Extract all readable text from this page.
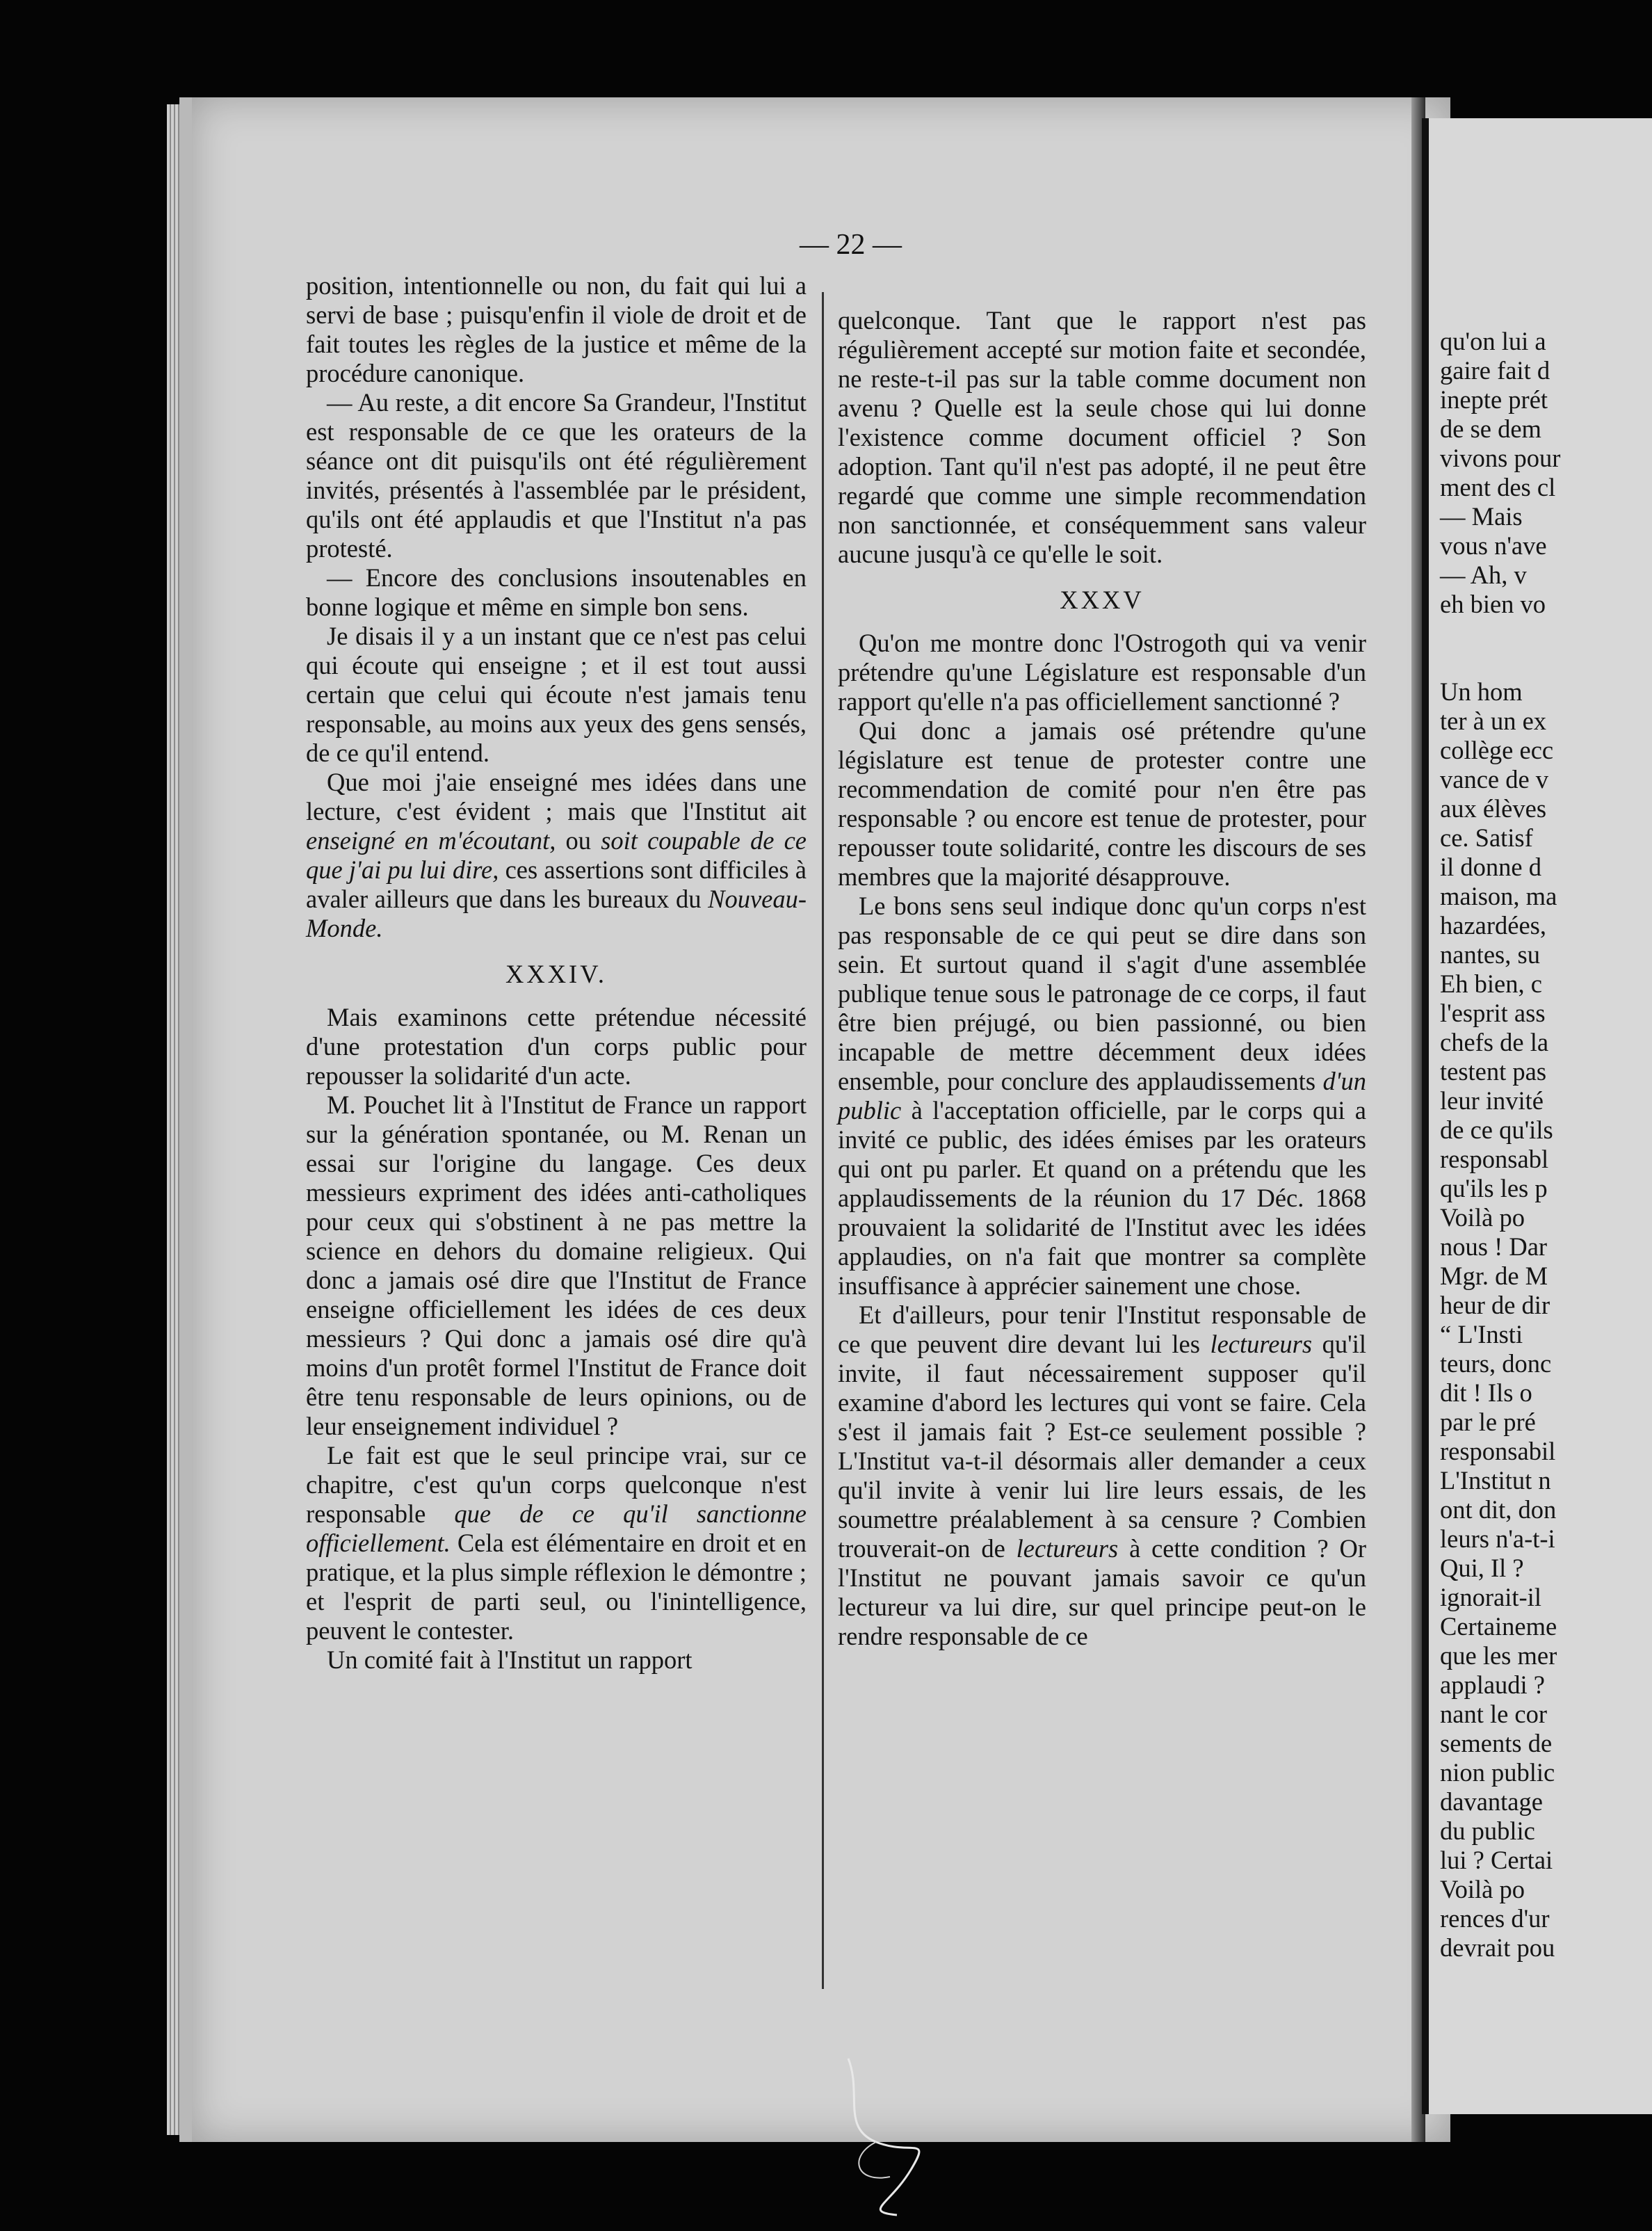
qu'on lui a

gaire fait d

inepte prét

de se dem

vivons pour

ment des cl

— Mais

vous n'ave

— Ah, v

eh bien vo

Un hom

ter à un ex

collège ecc

vance de v

aux élèves

ce. Satisf

il donne d

maison, ma

hazardées,

nantes, su

Eh bien, c

l'esprit ass

chefs de la

testent pas

leur invité

de ce qu'ils

responsabl

qu'ils les p

Voilà po

nous ! Dar

Mgr. de M

heur de dir

“ L'Insti

teurs, donc

dit ! Ils o

par le pré

responsabil

L'Institut n

ont dit, don

leurs n'a-t-i

Qui, Il ?

ignorait-il

Certaineme

que les mer

applaudi ?

nant le cor

sements de

nion public

davantage

du public

lui ? Certai

Voilà po

rences d'ur

devrait pou

— 22 —

position, intentionnelle ou non, du fait qui lui a servi de base ; puisqu'enfin il viole de droit et de fait toutes les règles de la justice et même de la procédure canonique.

— Au reste, a dit encore Sa Grandeur, l'Institut est responsable de ce que les orateurs de la séance ont dit puisqu'ils ont été régulièrement invités, présentés à l'assemblée par le président, qu'ils ont été applaudis et que l'Institut n'a pas protesté.

— Encore des conclusions insoutenables en bonne logique et même en simple bon sens.

Je disais il y a un instant que ce n'est pas celui qui écoute qui enseigne ; et il est tout aussi certain que celui qui écoute n'est jamais tenu responsable, au moins aux yeux des gens sensés, de ce qu'il entend.

Que moi j'aie enseigné mes idées dans une lecture, c'est évident ; mais que l'Institut ait enseigné en m'écoutant, ou soit coupable de ce que j'ai pu lui dire, ces assertions sont difficiles à avaler ailleurs que dans les bureaux du Nouveau-Monde.

XXXIV.

Mais examinons cette prétendue nécessité d'une protestation d'un corps public pour repousser la solidarité d'un acte.

M. Pouchet lit à l'Institut de France un rapport sur la génération spontanée, ou M. Renan un essai sur l'origine du langage. Ces deux messieurs expriment des idées anti-catholiques pour ceux qui s'obstinent à ne pas mettre la science en dehors du domaine religieux. Qui donc a jamais osé dire que l'Institut de France enseigne officiellement les idées de ces deux messieurs ? Qui donc a jamais osé dire qu'à moins d'un protêt formel l'Institut de France doit être tenu responsable de leurs opinions, ou de leur enseignement individuel ?

Le fait est que le seul principe vrai, sur ce chapitre, c'est qu'un corps quelconque n'est responsable que de ce qu'il sanctionne officiellement. Cela est élémentaire en droit et en pratique, et la plus simple réflexion le démontre ; et l'esprit de parti seul, ou l'inintelligence, peuvent le contester.

Un comité fait à l'Institut un rapport

quelconque. Tant que le rapport n'est pas régulièrement accepté sur motion faite et secondée, ne reste-t-il pas sur la table comme document non avenu ? Quelle est la seule chose qui lui donne l'existence comme document officiel ? Son adoption. Tant qu'il n'est pas adopté, il ne peut être regardé que comme une simple recommendation non sanctionnée, et conséquemment sans valeur aucune jusqu'à ce qu'elle le soit.

XXXV

Qu'on me montre donc l'Ostrogoth qui va venir prétendre qu'une Législature est responsable d'un rapport qu'elle n'a pas officiellement sanctionné ?

Qui donc a jamais osé prétendre qu'une législature est tenue de protester contre une recommendation de comité pour n'en être pas responsable ? ou encore est tenue de protester, pour repousser toute solidarité, contre les discours de ses membres que la majorité désapprouve.

Le bons sens seul indique donc qu'un corps n'est pas responsable de ce qui peut se dire dans son sein. Et surtout quand il s'agit d'une assemblée publique tenue sous le patronage de ce corps, il faut être bien préjugé, ou bien passionné, ou bien incapable de mettre décemment deux idées ensemble, pour conclure des applaudissements d'un public à l'acceptation officielle, par le corps qui a invité ce public, des idées émises par les orateurs qui ont pu parler. Et quand on a prétendu que les applaudissements de la réunion du 17 Déc. 1868 prouvaient la solidarité de l'Institut avec les idées applaudies, on n'a fait que montrer sa complète insuffisance à apprécier sainement une chose.

Et d'ailleurs, pour tenir l'Institut responsable de ce que peuvent dire devant lui les lectureurs qu'il invite, il faut nécessairement supposer qu'il examine d'abord les lectures qui vont se faire. Cela s'est il jamais fait ? Est-ce seulement possible ? L'Institut va-t-il désormais aller demander a ceux qu'il invite à venir lui lire leurs essais, de les soumettre préalablement à sa censure ? Combien trouverait-on de lectureurs à cette condition ? Or l'Institut ne pouvant jamais savoir ce qu'un lectureur va lui dire, sur quel principe peut-on le rendre responsable de ce
